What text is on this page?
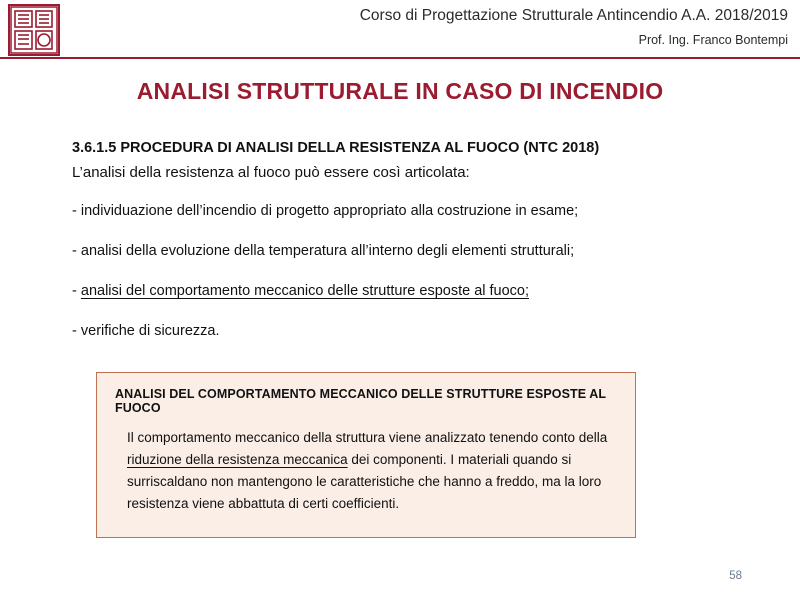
Corso di Progettazione Strutturale Antincendio A.A. 2018/2019
Prof. Ing. Franco Bontempi
ANALISI STRUTTURALE IN CASO DI INCENDIO

3.6.1.5 PROCEDURA DI ANALISI DELLA RESISTENZA AL FUOCO (NTC 2018)

L’analisi della resistenza al fuoco può essere così articolata:

- individuazione dell’incendio di progetto appropriato alla costruzione in esame;

- analisi della evoluzione della temperatura all’interno degli elementi strutturali;

- analisi del comportamento meccanico delle strutture esposte al fuoco;

- verifiche di sicurezza.

ANALISI DEL COMPORTAMENTO MECCANICO DELLE STRUTTURE ESPOSTE AL FUOCO

Il comportamento meccanico della struttura viene analizzato tenendo conto della riduzione della resistenza meccanica dei componenti. I materiali quando si surriscaldano non mantengono le caratteristiche che hanno a freddo, ma la loro resistenza viene abbattuta di certi coefficienti.

58
